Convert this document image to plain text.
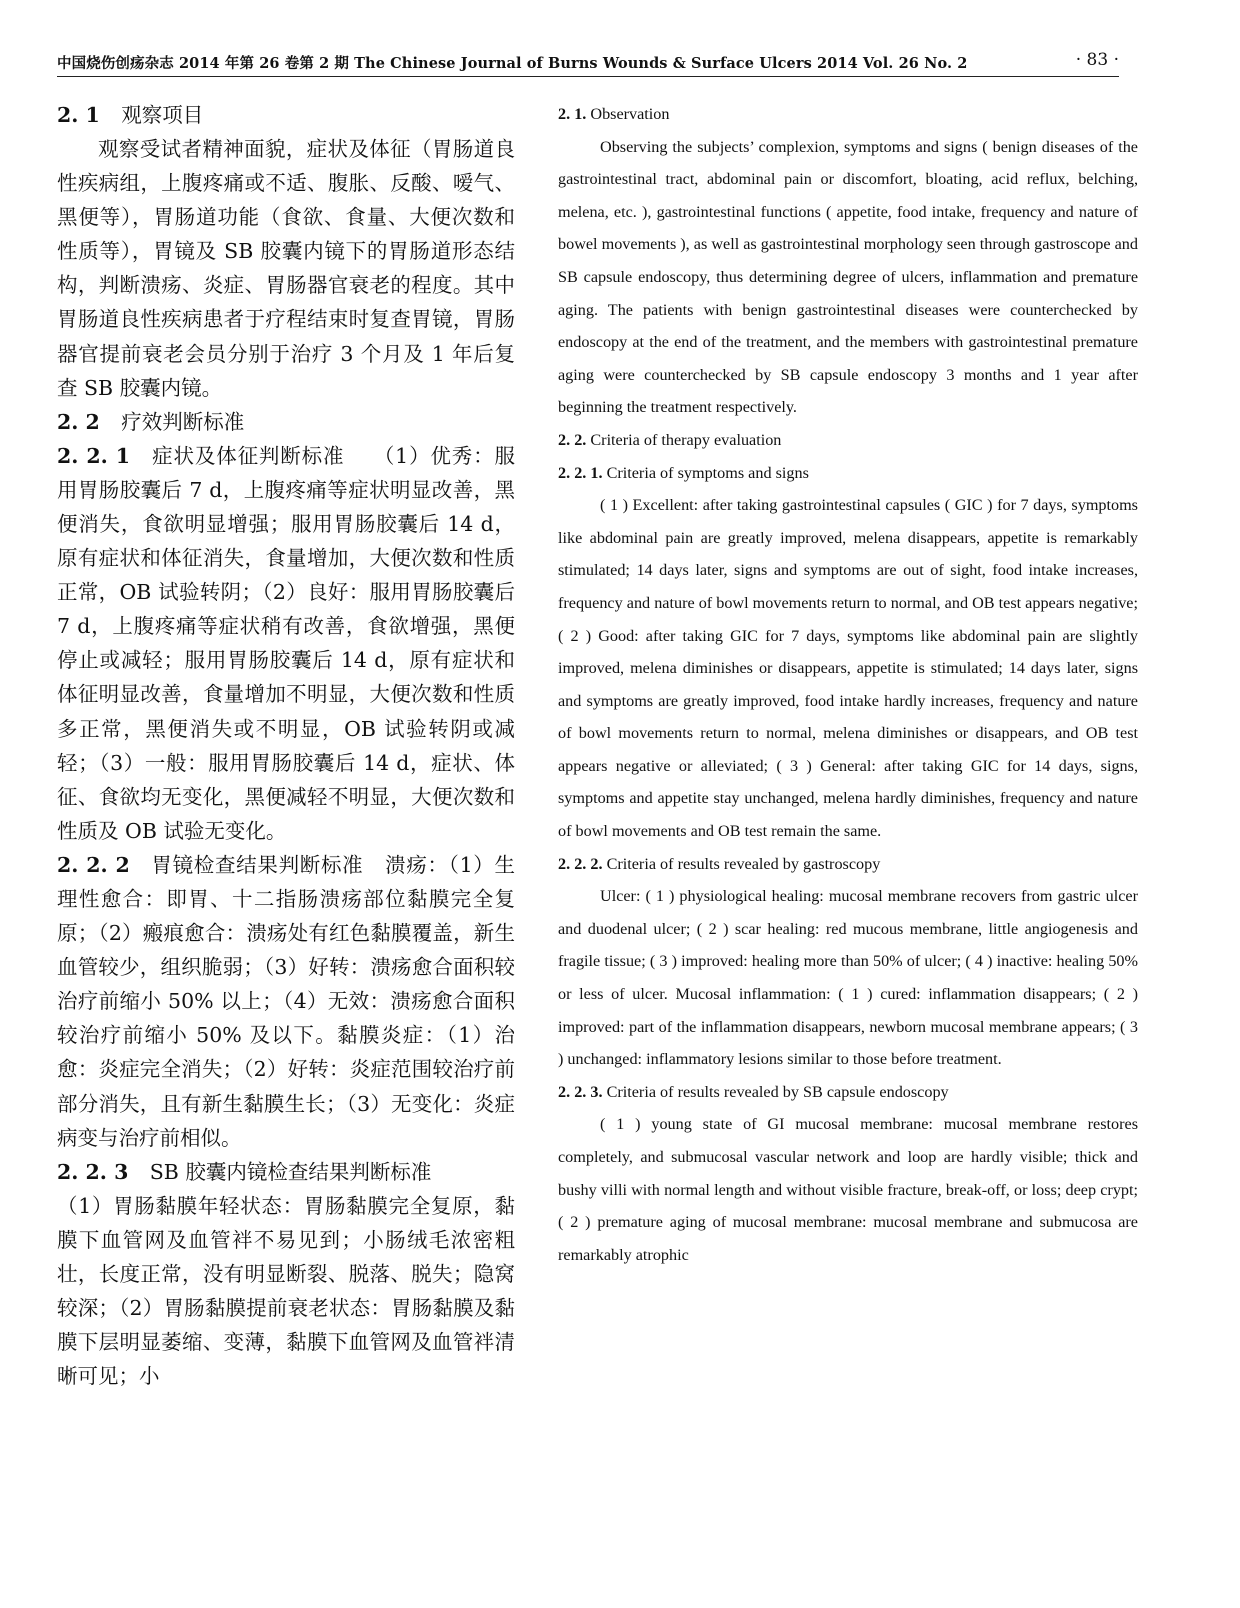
中国烧伤创疡杂志 2014 年第 26 卷第 2 期 The Chinese Journal of Burns Wounds & Surface Ulcers 2014 Vol. 26 No. 2	· 83 ·
2. 1 观察项目

观察受试者精神面貌，症状及体征（胃肠道良性疾病组，上腹疼痛或不适、腹胀、反酸、嗳气、黑便等），胃肠道功能（食欲、食量、大便次数和性质等），胃镜及 SB 胶囊内镜下的胃肠道形态结构，判断溃疡、炎症、胃肠器官衰老的程度。其中胃肠道良性疾病患者于疗程结束时复查胃镜，胃肠器官提前衰老会员分别于治疗 3 个月及 1 年后复查 SB 胶囊内镜。

2. 2 疗效判断标准

2. 2. 1 症状及体征判断标准 （1）优秀：服用胃肠胶囊后 7 d，上腹疼痛等症状明显改善，黑便消失，食欲明显增强；服用胃肠胶囊后 14 d，原有症状和体征消失，食量增加，大便次数和性质正常，OB 试验转阴；（2）良好：服用胃肠胶囊后 7 d，上腹疼痛等症状稍有改善，食欲增强，黑便停止或减轻；服用胃肠胶囊后 14 d，原有症状和体征明显改善，食量增加不明显，大便次数和性质多正常，黑便消失或不明显，OB 试验转阴或减轻；（3）一般：服用胃肠胶囊后 14 d，症状、体征、食欲均无变化，黑便减轻不明显，大便次数和性质及 OB 试验无变化。

2. 2. 2 胃镜检查结果判断标准 溃疡：（1）生理性愈合：即胃、十二指肠溃疡部位黏膜完全复原；（2）瘢痕愈合：溃疡处有红色黏膜覆盖，新生血管较少，组织脆弱；（3）好转：溃疡愈合面积较治疗前缩小 50% 以上；（4）无效：溃疡愈合面积较治疗前缩小 50% 及以下。黏膜炎症：（1）治愈：炎症完全消失；（2）好转：炎症范围较治疗前部分消失，且有新生黏膜生长；（3）无变化：炎症病变与治疗前相似。

2. 2. 3 SB 胶囊内镜检查结果判断标准

（1）胃肠黏膜年轻状态：胃肠黏膜完全复原，黏膜下血管网及血管袢不易见到；小肠绒毛浓密粗壮，长度正常，没有明显断裂、脱落、脱失；隐窝较深；（2）胃肠黏膜提前衰老状态：胃肠黏膜及黏膜下层明显萎缩、变薄，黏膜下血管网及血管袢清晰可见；小

2. 1. Observation

Observing the subjects’ complexion, symptoms and signs ( benign diseases of the gastrointestinal tract, abdominal pain or discomfort, bloating, acid reflux, belching, melena, etc. ), gastrointestinal functions ( appetite, food intake, frequency and nature of bowel movements ), as well as gastrointestinal morphology seen through gastroscope and SB capsule endoscopy, thus determining degree of ulcers, inflammation and premature aging. The patients with benign gastrointestinal diseases were counterchecked by endoscopy at the end of the treatment, and the members with gastrointestinal premature aging were counterchecked by SB capsule endoscopy 3 months and 1 year after beginning the treatment respectively.

2. 2. Criteria of therapy evaluation
2. 2. 1. Criteria of symptoms and signs

( 1 ) Excellent: after taking gastrointestinal capsules ( GIC ) for 7 days, symptoms like abdominal pain are greatly improved, melena disappears, appetite is remarkably stimulated; 14 days later, signs and symptoms are out of sight, food intake increases, frequency and nature of bowl movements return to normal, and OB test appears negative; ( 2 ) Good: after taking GIC for 7 days, symptoms like abdominal pain are slightly improved, melena diminishes or disappears, appetite is stimulated; 14 days later, signs and symptoms are greatly improved, food intake hardly increases, frequency and nature of bowl movements return to normal, melena diminishes or disappears, and OB test appears negative or alleviated; ( 3 ) General: after taking GIC for 14 days, signs, symptoms and appetite stay unchanged, melena hardly diminishes, frequency and nature of bowl movements and OB test remain the same.

2. 2. 2. Criteria of results revealed by gastroscopy

Ulcer: ( 1 ) physiological healing: mucosal membrane recovers from gastric ulcer and duodenal ulcer; ( 2 ) scar healing: red mucous membrane, little angiogenesis and fragile tissue; ( 3 ) improved: healing more than 50% of ulcer; ( 4 ) inactive: healing 50% or less of ulcer. Mucosal inflammation: ( 1 ) cured: inflammation disappears; ( 2 ) improved: part of the inflammation disappears, newborn mucosal membrane appears; ( 3 ) unchanged: inflammatory lesions similar to those before treatment.

2. 2. 3. Criteria of results revealed by SB capsule endoscopy

( 1 ) young state of GI mucosal membrane: mucosal membrane restores completely, and submucosal vascular network and loop are hardly visible; thick and bushy villi with normal length and without visible fracture, break-off, or loss; deep crypt; ( 2 ) premature aging of mucosal membrane: mucosal membrane and submucosa are remarkably atrophic
